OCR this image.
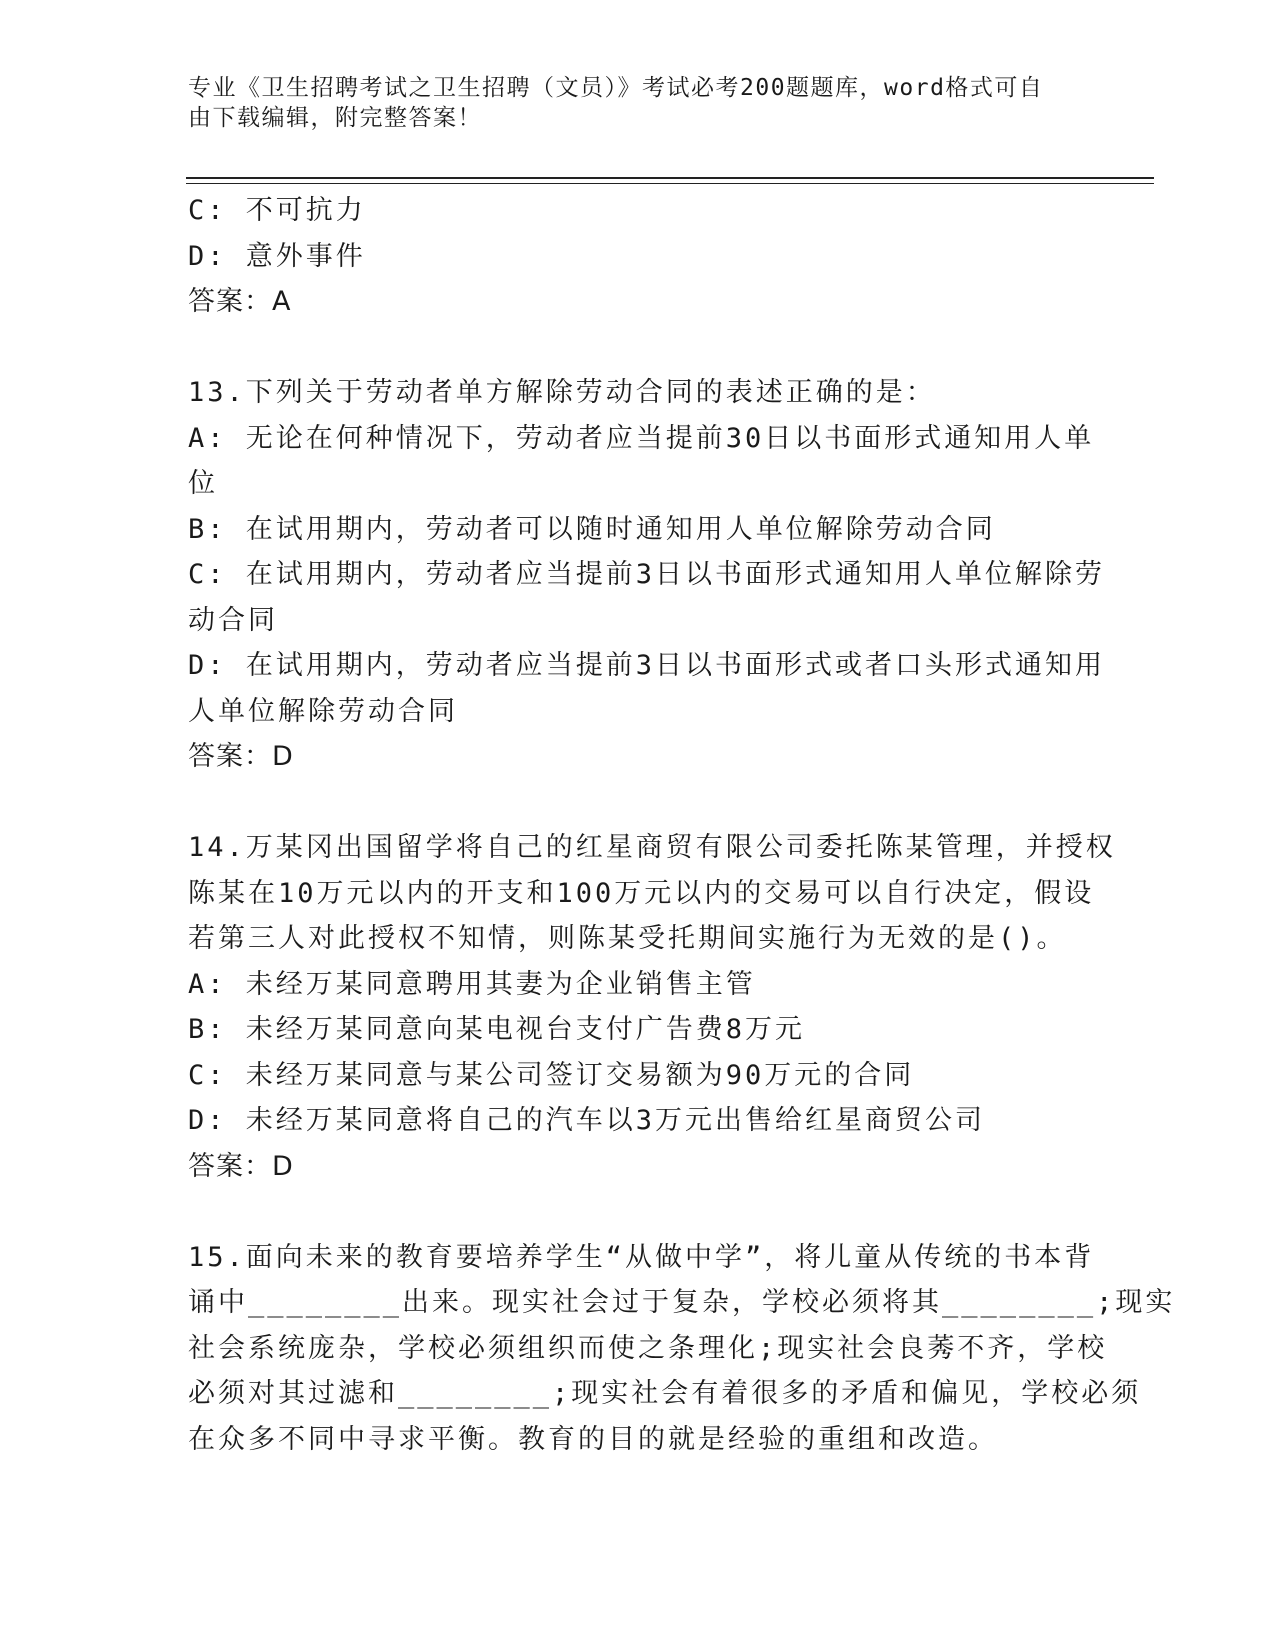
专业《卫生招聘考试之卫生招聘（文员）》考试必考200题题库，word格式可自
由下载编辑，附完整答案！
C: 不可抗力
D: 意外事件
答案：A
13.下列关于劳动者单方解除劳动合同的表述正确的是：
A: 无论在何种情况下，劳动者应当提前30日以书面形式通知用人单
位
B: 在试用期内，劳动者可以随时通知用人单位解除劳动合同
C: 在试用期内，劳动者应当提前3日以书面形式通知用人单位解除劳
动合同
D: 在试用期内，劳动者应当提前3日以书面形式或者口头形式通知用
人单位解除劳动合同
答案：D
14.万某冈出国留学将自己的红星商贸有限公司委托陈某管理，并授权
陈某在10万元以内的开支和100万元以内的交易可以自行决定，假设
若第三人对此授权不知情，则陈某受托期间实施行为无效的是()。
A: 未经万某同意聘用其妻为企业销售主管
B: 未经万某同意向某电视台支付广告费8万元
C: 未经万某同意与某公司签订交易额为90万元的合同
D: 未经万某同意将自己的汽车以3万元出售给红星商贸公司
答案：D
15.面向未来的教育要培养学生“从做中学”，将儿童从传统的书本背
诵中________出来。现实社会过于复杂，学校必须将其________;现实
社会系统庞杂，学校必须组织而使之条理化;现实社会良莠不齐，学校
必须对其过滤和________;现实社会有着很多的矛盾和偏见，学校必须
在众多不同中寻求平衡。教育的目的就是经验的重组和改造。
